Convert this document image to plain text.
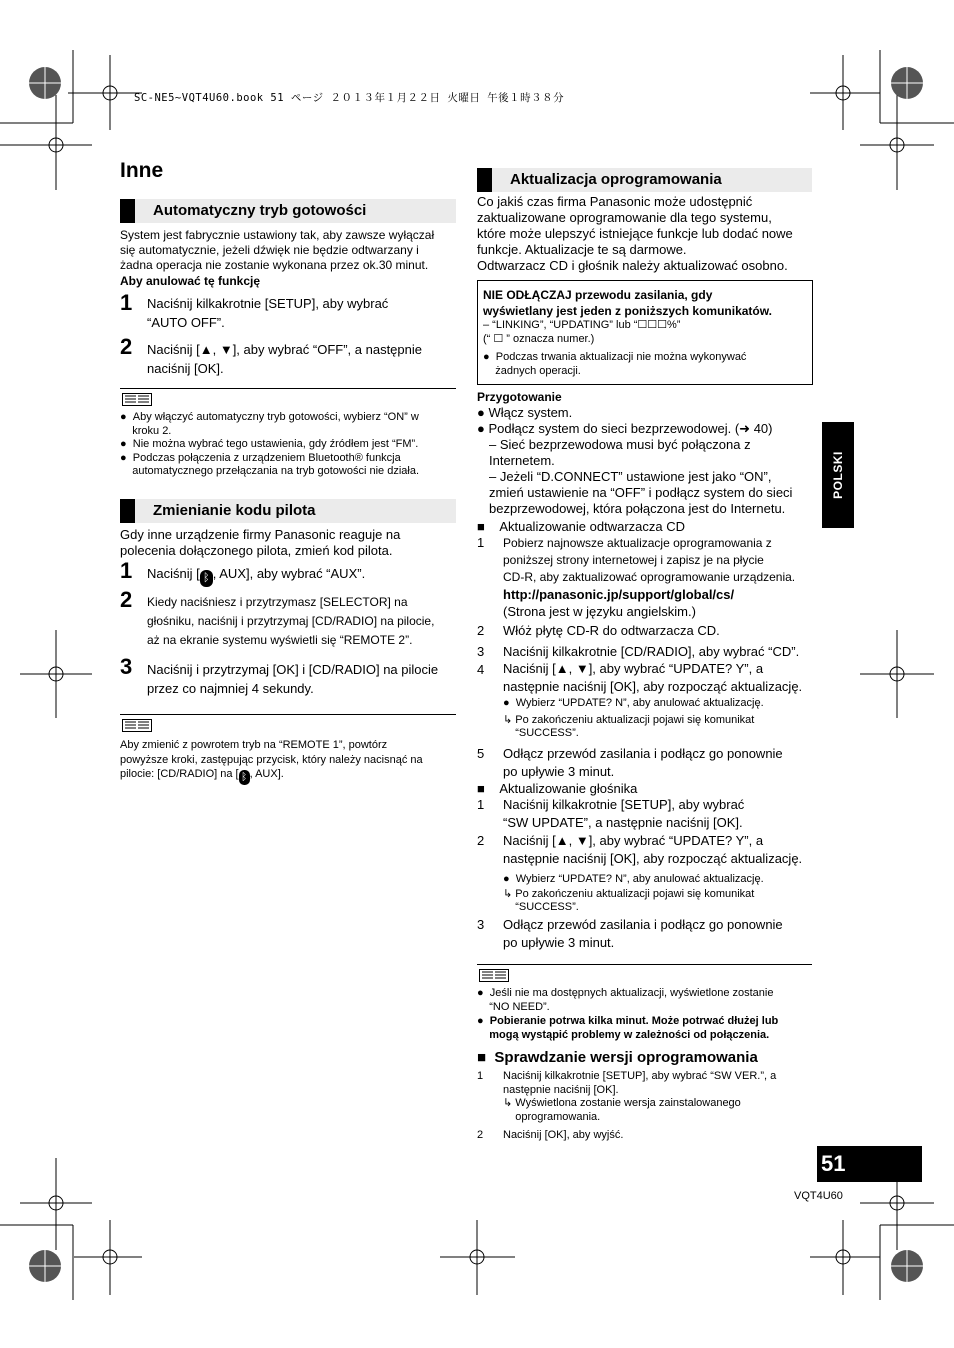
SC-NE5~VQT4U60.book 51 ページ ２０１３年１月２２日 火曜日 午後１時３８分
Inne
Automatyczny tryb gotowości
System jest fabrycznie ustawiony tak, aby zawsze wyłączał
się automatycznie, jeżeli dźwięk nie będzie odtwarzany i
żadna operacja nie zostanie wykonana przez ok.30 minut.
Aby anulować tę funkcję
1 Naciśnij kilkakrotnie [SETUP], aby wybrać
“AUTO OFF”.
2 Naciśnij [▲, ▼], aby wybrać “OFF”, a następnie
naciśnij [OK].
●  Aby włączyć automatyczny tryb gotowości, wybierz “ON” w
kroku 2.
●  Nie można wybrać tego ustawienia, gdy źródłem jest “FM”.
●  Podczas połączenia z urządzeniem Bluetooth® funkcja
automatycznego przełączania na tryb gotowości nie działa.
Zmienianie kodu pilota
Gdy inne urządzenie firmy Panasonic reaguje na
polecenia dołączonego pilota, zmień kod pilota.
1 Naciśnij [ ᛒ , AUX], aby wybrać “AUX”.
2 Kiedy naciśniesz i przytrzymasz [SELECTOR] na
głośniku, naciśnij i przytrzymaj [CD/RADIO] na pilocie,
aż na ekranie systemu wyświetli się “REMOTE 2”.
3 Naciśnij i przytrzymaj [OK] i [CD/RADIO] na pilocie
przez co najmniej 4 sekundy.
Aby zmienić z powrotem tryb na “REMOTE 1”, powtórz
powyższe kroki, zastępując przycisk, który należy nacisnąć na
pilocie: [CD/RADIO] na [ ᛒ , AUX].
Aktualizacja oprogramowania
Co jakiś czas firma Panasonic może udostępnić
zaktualizowane oprogramowanie dla tego systemu,
które może ulepszyć istniejące funkcje lub dodać nowe
funkcje. Aktualizacje te są darmowe.
Odtwarzacz CD i głośnik należy aktualizować osobno.
NIE ODŁĄCZAJ przewodu zasilania, gdy
wyświetlany jest jeden z poniższych komunikatów.
– “LINKING”, “UPDATING” lub “☐☐☐%”
(“ ☐ ” oznacza numer.)
●  Podczas trwania aktualizacji nie można wykonywać
żadnych operacji.
Przygotowanie
● Włącz system.
● Podłącz system do sieci bezprzewodowej. (➜ 40)
– Sieć bezprzewodowa musi być połączona z
Internetem.
– Jeżeli “D.CONNECT” ustawione jest jako “ON”,
zmień ustawienie na “OFF” i podłącz system do sieci
bezprzewodowej, która połączona jest do Internetu.
■    Aktualizowanie odtwarzacza CD
1 Pobierz najnowsze aktualizacje oprogramowania z
poniższej strony internetowej i zapisz je na płycie
CD-R, aby zaktualizować oprogramowanie urządzenia.
http://panasonic.jp/support/global/cs/
(Strona jest w języku angielskim.)
2 Włóż płytę CD-R do odtwarzacza CD.
3 Naciśnij kilkakrotnie [CD/RADIO], aby wybrać “CD”.
4 Naciśnij [▲, ▼], aby wybrać “UPDATE? Y”, a
następnie naciśnij [OK], aby rozpocząć aktualizację.
●  Wybierz “UPDATE? N”, aby anulować aktualizację.
↳ Po zakończeniu aktualizacji pojawi się komunikat
“SUCCESS”.
5 Odłącz przewód zasilania i podłącz go ponownie
po upływie 3 minut.
■    Aktualizowanie głośnika
1 Naciśnij kilkakrotnie [SETUP], aby wybrać
“SW UPDATE”, a następnie naciśnij [OK].
2 Naciśnij [▲, ▼], aby wybrać “UPDATE? Y”, a
następnie naciśnij [OK], aby rozpocząć aktualizację.
●  Wybierz “UPDATE? N”, aby anulować aktualizację.
↳ Po zakończeniu aktualizacji pojawi się komunikat
“SUCCESS”.
3 Odłącz przewód zasilania i podłącz go ponownie
po upływie 3 minut.
●  Jeśli nie ma dostępnych aktualizacji, wyświetlone zostanie
“NO NEED”.
●  Pobieranie potrwa kilka minut. Może potrwać dłużej lub
mogą wystąpić problemy w zależności od połączenia.
■  Sprawdzanie wersji oprogramowania
1 Naciśnij kilkakrotnie [SETUP], aby wybrać “SW VER.”, a
następnie naciśnij [OK].
↳ Wyświetlona zostanie wersja zainstalowanego
oprogramowania.
2 Naciśnij [OK], aby wyjść.
POLSKI
51
VQT4U60
